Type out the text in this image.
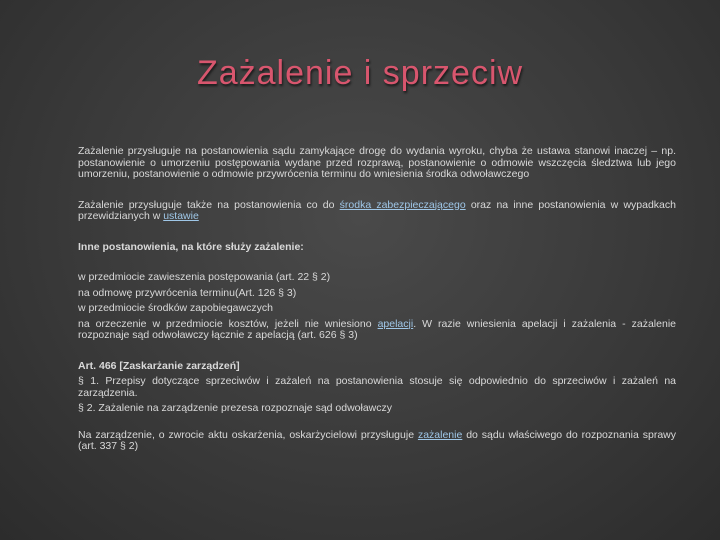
Zażalenie i sprzeciw
Zażalenie przysługuje na postanowienia sądu zamykające drogę do wydania wyroku, chyba że ustawa stanowi inaczej – np. postanowienie o umorzeniu postępowania wydane przed rozprawą, postanowienie o odmowie wszczęcia śledztwa lub jego umorzeniu, postanowienie o odmowie przywrócenia terminu do wniesienia środka odwoławczego
Zażalenie przysługuje także na postanowienia co do środka zabezpieczającego oraz na inne postanowienia w wypadkach przewidzianych w ustawie
Inne postanowienia, na które służy zażalenie:
w przedmiocie zawieszenia postępowania (art. 22 § 2)
na odmowę przywrócenia terminu(Art. 126 § 3)
w przedmiocie środków zapobiegawczych
na orzeczenie w przedmiocie kosztów, jeżeli nie wniesiono apelacji. W razie wniesienia apelacji i zażalenia - zażalenie rozpoznaje sąd odwoławczy łącznie z apelacją (art. 626 § 3)
Art. 466 [Zaskarżanie zarządzeń]
§ 1. Przepisy dotyczące sprzeciwów i zażaleń na postanowienia stosuje się odpowiednio do sprzeciwów i zażaleń na zarządzenia.
§ 2. Zażalenie na zarządzenie prezesa rozpoznaje sąd odwoławczy
Na zarządzenie, o zwrocie aktu oskarżenia, oskarżycielowi przysługuje zażalenie do sądu właściwego do rozpoznania sprawy (art. 337 § 2)
